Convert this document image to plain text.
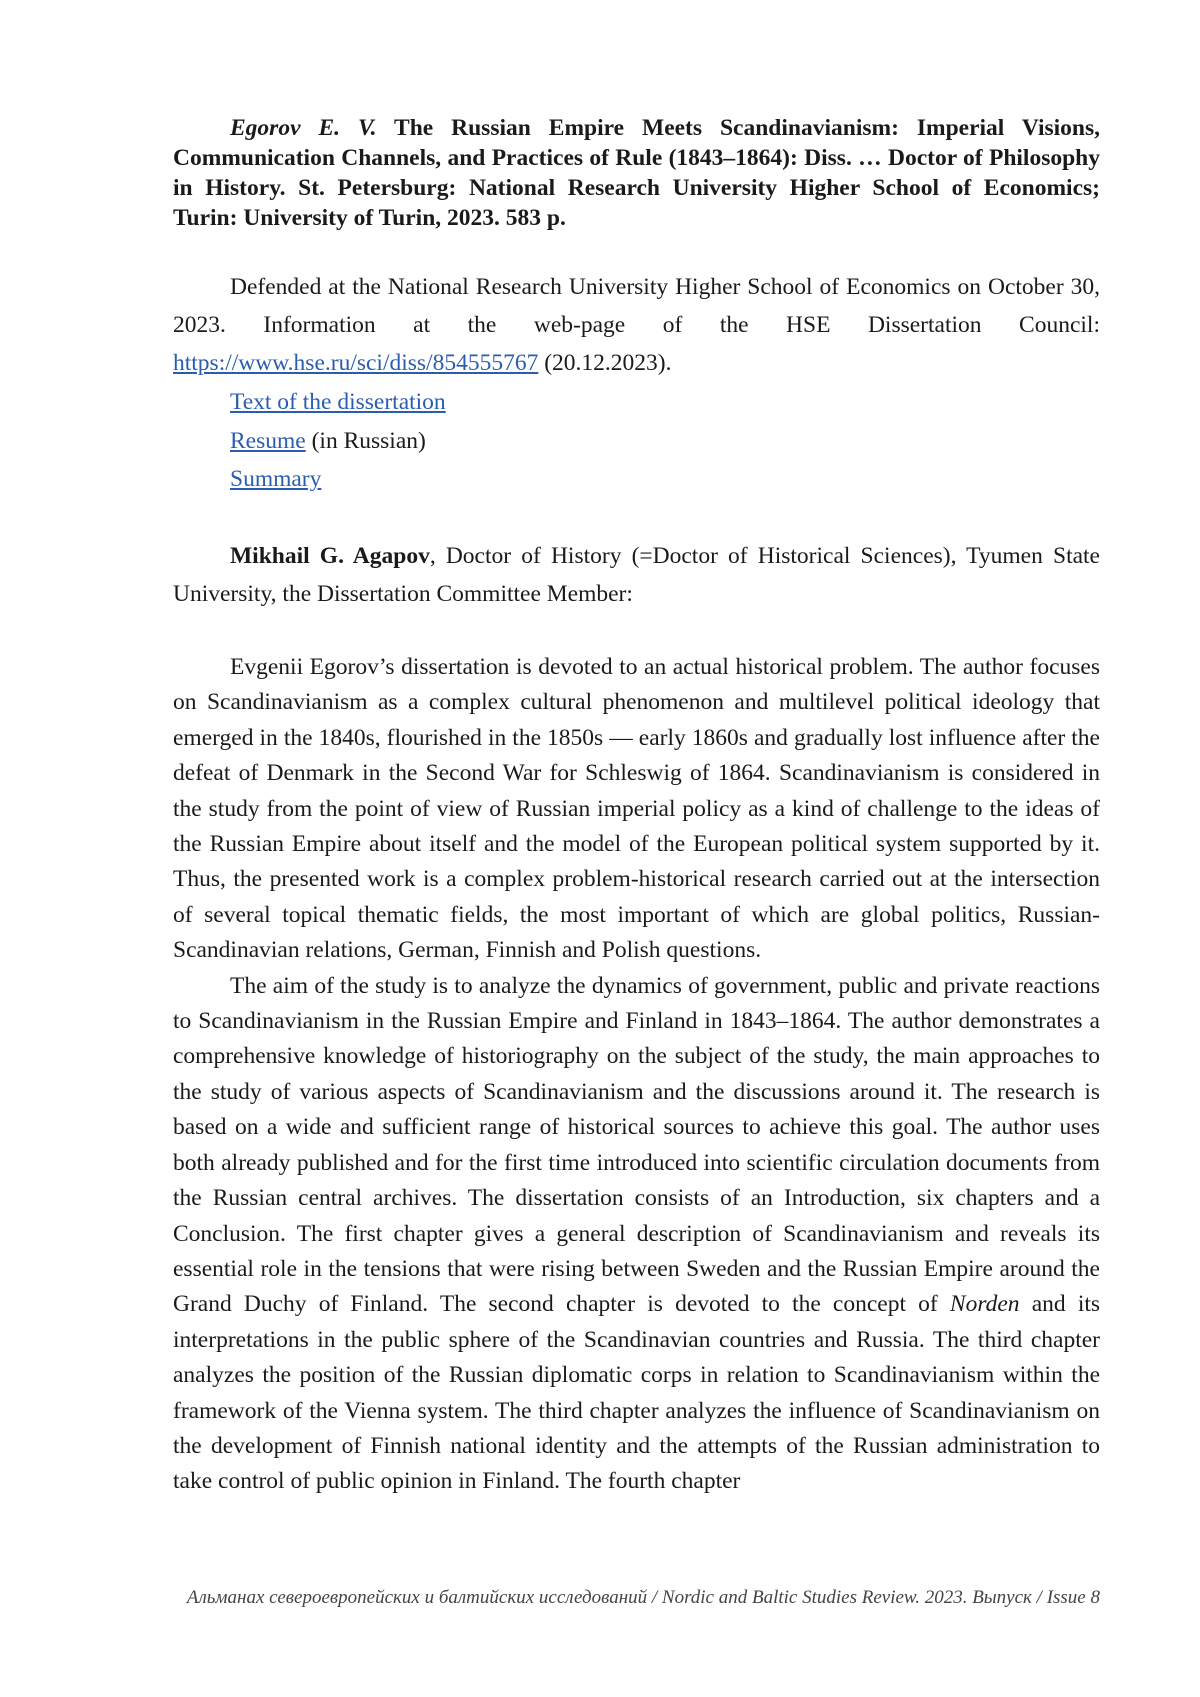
Egorov E. V. The Russian Empire Meets Scandinavianism: Imperial Visions, Communication Channels, and Practices of Rule (1843–1864): Diss. … Doctor of Philosophy in History. St. Petersburg: National Research University Higher School of Economics; Turin: University of Turin, 2023. 583 p.

Defended at the National Research University Higher School of Economics on October 30, 2023. Information at the web-page of the HSE Dissertation Council: https://www.hse.ru/sci/diss/854555767 (20.12.2023).

Text of the dissertation
Resume (in Russian)
Summary

Mikhail G. Agapov, Doctor of History (=Doctor of Historical Sciences), Tyumen State University, the Dissertation Committee Member:

Evgenii Egorov’s dissertation is devoted to an actual historical problem. The author focuses on Scandinavianism as a complex cultural phenomenon and multilevel political ideology that emerged in the 1840s, flourished in the 1850s — early 1860s and gradually lost influence after the defeat of Denmark in the Second War for Schleswig of 1864. Scandinavianism is considered in the study from the point of view of Russian imperial policy as a kind of challenge to the ideas of the Russian Empire about itself and the model of the European political system supported by it. Thus, the presented work is a complex problem-historical research carried out at the intersection of several topical thematic fields, the most important of which are global politics, Russian-Scandinavian relations, German, Finnish and Polish questions.

The aim of the study is to analyze the dynamics of government, public and private reactions to Scandinavianism in the Russian Empire and Finland in 1843–1864. The author demonstrates a comprehensive knowledge of historiography on the subject of the study, the main approaches to the study of various aspects of Scandinavianism and the discussions around it. The research is based on a wide and sufficient range of historical sources to achieve this goal. The author uses both already published and for the first time introduced into scientific circulation documents from the Russian central archives. The dissertation consists of an Introduction, six chapters and a Conclusion. The first chapter gives a general description of Scandinavianism and reveals its essential role in the tensions that were rising between Sweden and the Russian Empire around the Grand Duchy of Finland. The second chapter is devoted to the concept of Norden and its interpretations in the public sphere of the Scandinavian countries and Russia. The third chapter analyzes the position of the Russian diplomatic corps in relation to Scandinavianism within the framework of the Vienna system. The third chapter analyzes the influence of Scandinavianism on the development of Finnish national identity and the attempts of the Russian administration to take control of public opinion in Finland. The fourth chapter

Альманах североевропейских и балтийских исследований / Nordic and Baltic Studies Review. 2023. Выпуск / Issue 8
